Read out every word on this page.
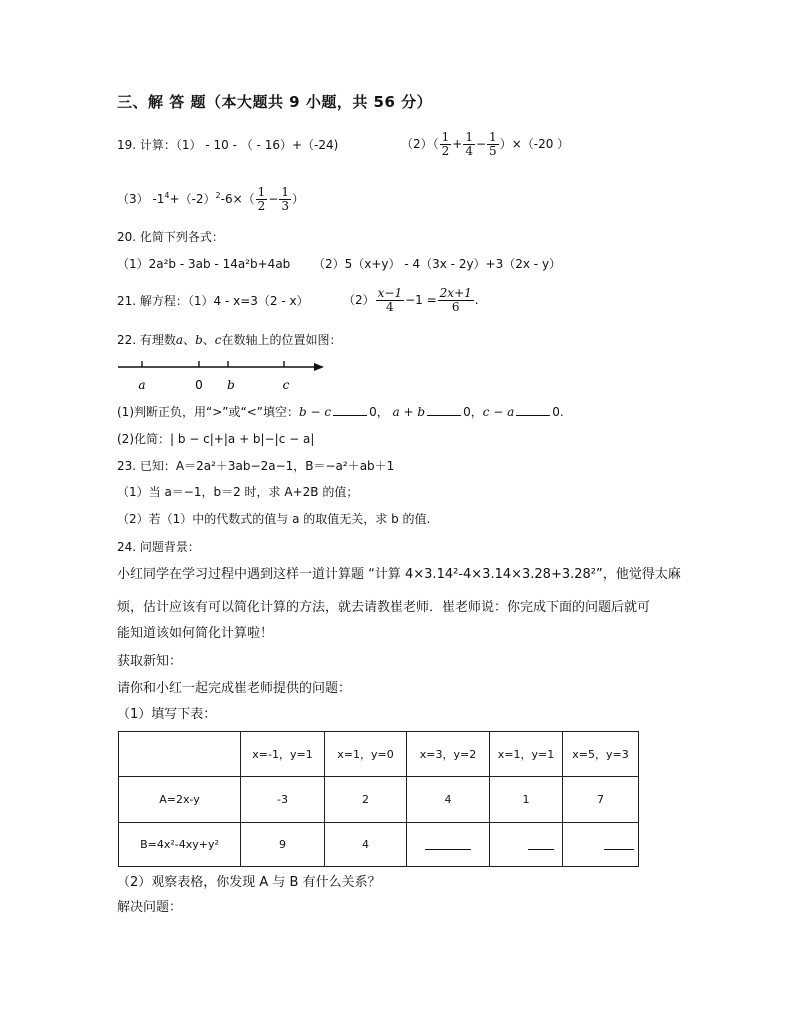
三、解 答 题（本大题共 9 小题，共 56 分）
19. 计算：（1） - 10 - （ - 16）+（-24)	$(2)( \frac{1}{2} + \frac{1}{4} - \frac{1}{5} )\times(-20$ ）
（3） $-1^4+(-2)^2-6\times( \frac{1}{2} - \frac{1}{3}$ ）
20. 化简下列各式：
（1）2a²b - 3ab - 14a²b+4ab （2）5（x+y） - 4（3x - 2y）+3（2x - y）
21. 解方程：（1）4 - x=3（2 - x）	$(2) \frac{x-1}{4} -1 = \frac{2x+1}{6}$ .
22. 有理数a、b、c在数轴上的位置如图：
a	0 b	c
(1)判断正负，用“>”或“<”填空：b − c	0， a + b	0，c − a	0.
(2)化简：| b − c|+|a + b|−|c − a|
23. 已知：A＝2a²＋3ab−2a−1，B＝−a²＋ab＋1
（1）当 a＝−1，b＝2 时，求 A+2B 的值；
（2）若（1）中的代数式的值与 a 的取值无关，求 b 的值.
24. 问题背景：
小红同学在学习过程中遇到这样一道计算题 “计算 4×3.14²-4×3.14×3.28+3.28²”，他觉得太麻
烦，估计应该有可以简化计算的方法，就去请教崔老师．崔老师说：你完成下面的问题后就可
能知道该如何简化计算啦！
获取新知：
请你和小红一起完成崔老师提供的问题：
（1）填写下表：
	x=-1，y=1	x=1，y=0	x=3，y=2	x=1，y=1	x=5，y=3
A=2x-y	-3	2	4	1	7
B=4x²-4xy+y²	9	4			
（2）观察表格，你发现 A 与 B 有什么关系？
解决问题：
